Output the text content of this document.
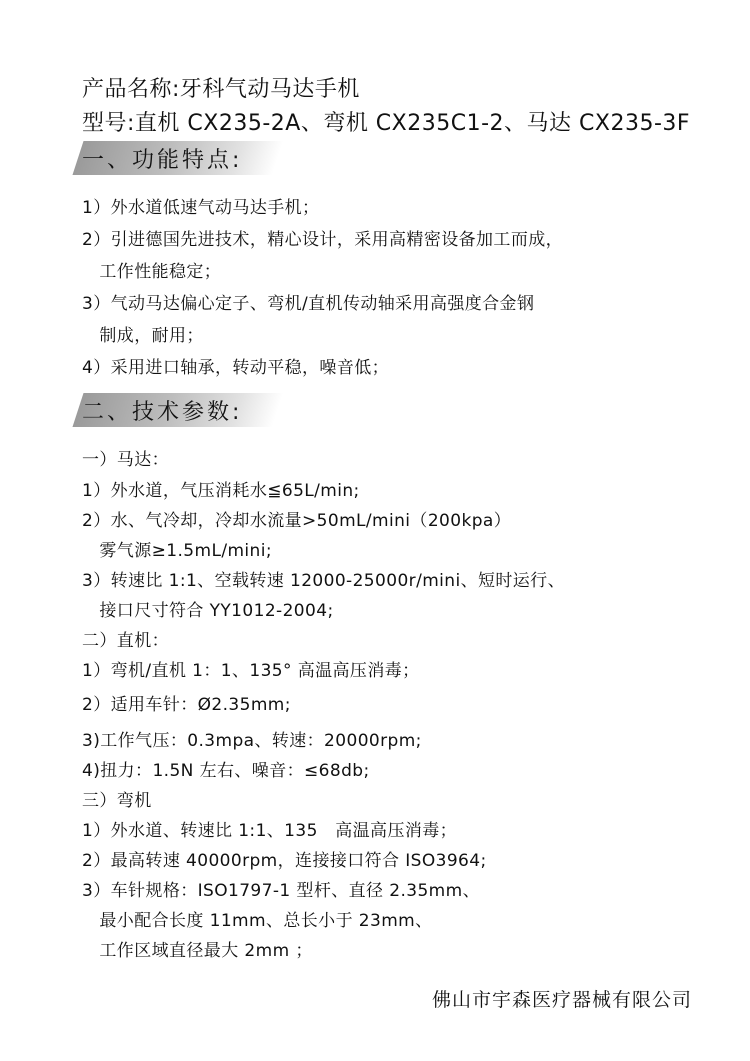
产品名称:牙科气动马达手机
型号:直机 CX235-2A、弯机 CX235C1-2、马达 CX235-3F
一、功能特点:
1）外水道低速气动马达手机；
2）引进德国先进技术，精心设计，采用高精密设备加工而成，
工作性能稳定；
3）气动马达偏心定子、弯机/直机传动轴采用高强度合金钢
制成，耐用；
4）采用进口轴承，转动平稳，噪音低；
二、技术参数:
一）马达：
1）外水道，气压消耗水≦65L/min;
2）水、气冷却，冷却水流量>50mL/mini（200kpa）
雾气源≥1.5mL/mini;
3）转速比 1:1、空载转速 12000-25000r/mini、短时运行、
接口尺寸符合 YY1012-2004;
二）直机：
1）弯机/直机 1：1、135° 高温高压消毒；
2）适用车针：Ø2.35mm;
3)工作气压：0.3mpa、转速：20000rpm;
4)扭力：1.5N 左右、噪音：≤68db;
三）弯机
1）外水道、转速比 1:1、135   高温高压消毒；
2）最高转速 40000rpm，连接接口符合 ISO3964;
3）车针规格：ISO1797-1 型杆、直径 2.35mm、
最小配合长度 11mm、总长小于 23mm、
工作区域直径最大 2mm ；
佛山市宇森医疗器械有限公司
